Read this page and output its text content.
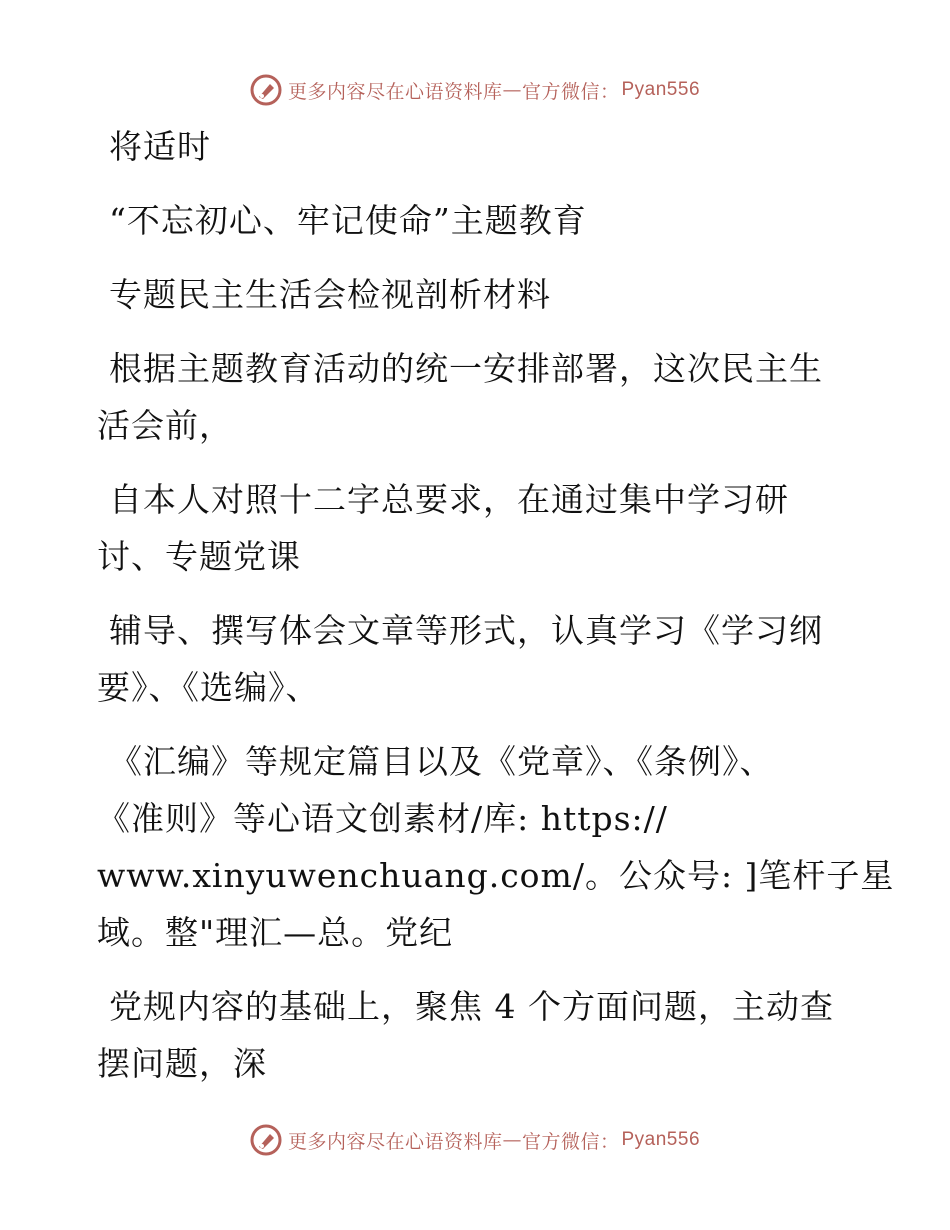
更多内容尽在心语资料库 — 官方微信： Pyan556

将适时

“不忘初心、牢记使命”主题教育

专题民主生活会检视剖析材料

根据主题教育活动的统一安排部署，这次民主生
活会前，

自本人对照十二字总要求，在通过集中学习研
讨、专题党课

辅导、撰写体会文章等形式，认真学习《学习纲
要》、《选编》、

《汇编》等规定篇目以及《党章》、《条例》、
《准则》等心语文创素材/库: https://
www.xinyuwenchuang.com/。公众号: ]笔杆子星
域。整"理汇—总。党纪

党规内容的基础上，聚焦 4 个方面问题，主动查
摆问题，深

更多内容尽在心语资料库 — 官方微信： Pyan556
